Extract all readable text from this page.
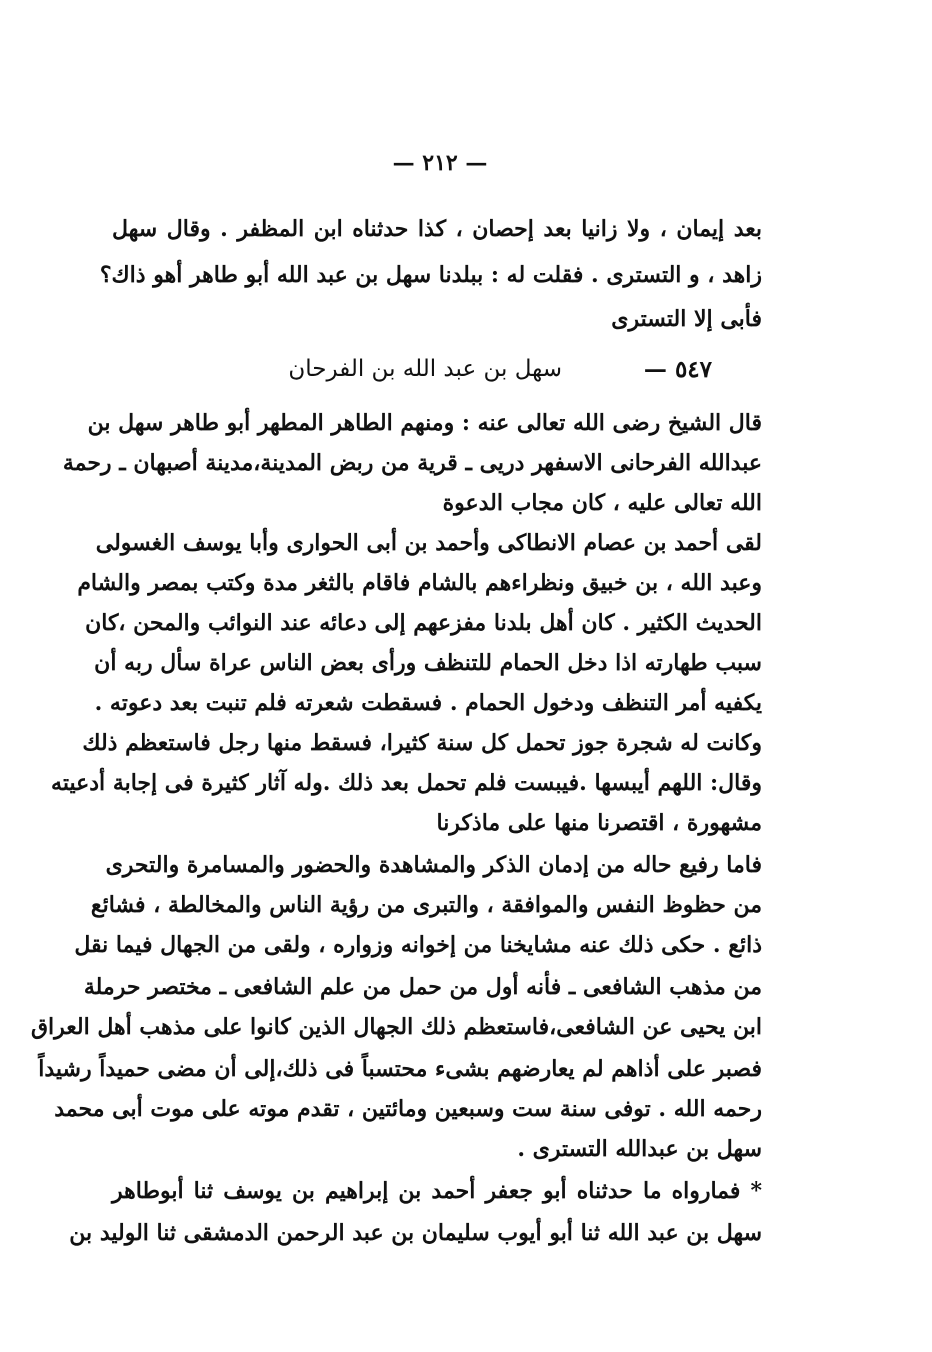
— ٢١٢ —
بعد إيمان ، ولا زانيا بعد إحصان ، كذا حدثناه ابن المظفر . وقال سهل
زاهد ، و التسترى . فقلت له : ببلدنا سهل بن عبد الله أبو طاهر أهو ذاك؟
فأبى إلا التسترى
٥٤٧ —
سهل بن عبد الله بن الفرحان
قال الشيخ رضى الله تعالى عنه : ومنهم الطاهر المطهر أبو طاهر سهل بن
عبدالله الفرحانى الاسفهر دريى ـ قرية من ربض المدينة،مدينة أصبهان ـ رحمة
الله تعالى عليه ، كان مجاب الدعوة
لقى أحمد بن عصام الانطاكى وأحمد بن أبى الحوارى وأبا يوسف الغسولى
وعبد الله ، بن خبيق ونظراءهم بالشام فاقام بالثغر مدة وكتب بمصر والشام
الحديث الكثير . كان أهل بلدنا مفزعهم إلى دعائه عند النوائب والمحن ،كان
سبب طهارته اذا دخل الحمام للتنظف ورأى بعض الناس عراة سأل ربه أن
يكفيه أمر التنظف ودخول الحمام . فسقطت شعرته فلم تنبت بعد دعوته .
وكانت له شجرة جوز تحمل كل سنة كثيرا، فسقط منها رجل فاستعظم ذلك
وقال: اللهم أيبسها .فيبست فلم تحمل بعد ذلك .وله آثار كثيرة فى إجابة أدعيته
مشهورة ، اقتصرنا منها على ماذكرنا
فاما رفيع حاله من إدمان الذكر والمشاهدة والحضور والمسامرة والتحرى
من حظوظ النفس والموافقة ، والتبرى من رؤية الناس والمخالطة ، فشائع
ذائع . حكى ذلك عنه مشايخنا من إخوانه وزواره ، ولقى من الجهال فيما نقل
من مذهب الشافعى ـ فأنه أول من حمل من علم الشافعى ـ مختصر حرملة
ابن يحيى عن الشافعى،فاستعظم ذلك الجهال الذين كانوا على مذهب أهل العراق
فصبر على أذاهم لم يعارضهم بشىء محتسباً فى ذلك،إلى أن مضى حميداً رشيداً
رحمه الله . توفى سنة ست وسبعين ومائتين ، تقدم موته على موت أبى محمد
سهل بن عبدالله التسترى .
* فمارواه ما حدثناه أبو جعفر أحمد بن إبراهيم بن يوسف ثنا أبوطاهر
سهل بن عبد الله ثنا أبو أيوب سليمان بن عبد الرحمن الدمشقى ثنا الوليد بن
